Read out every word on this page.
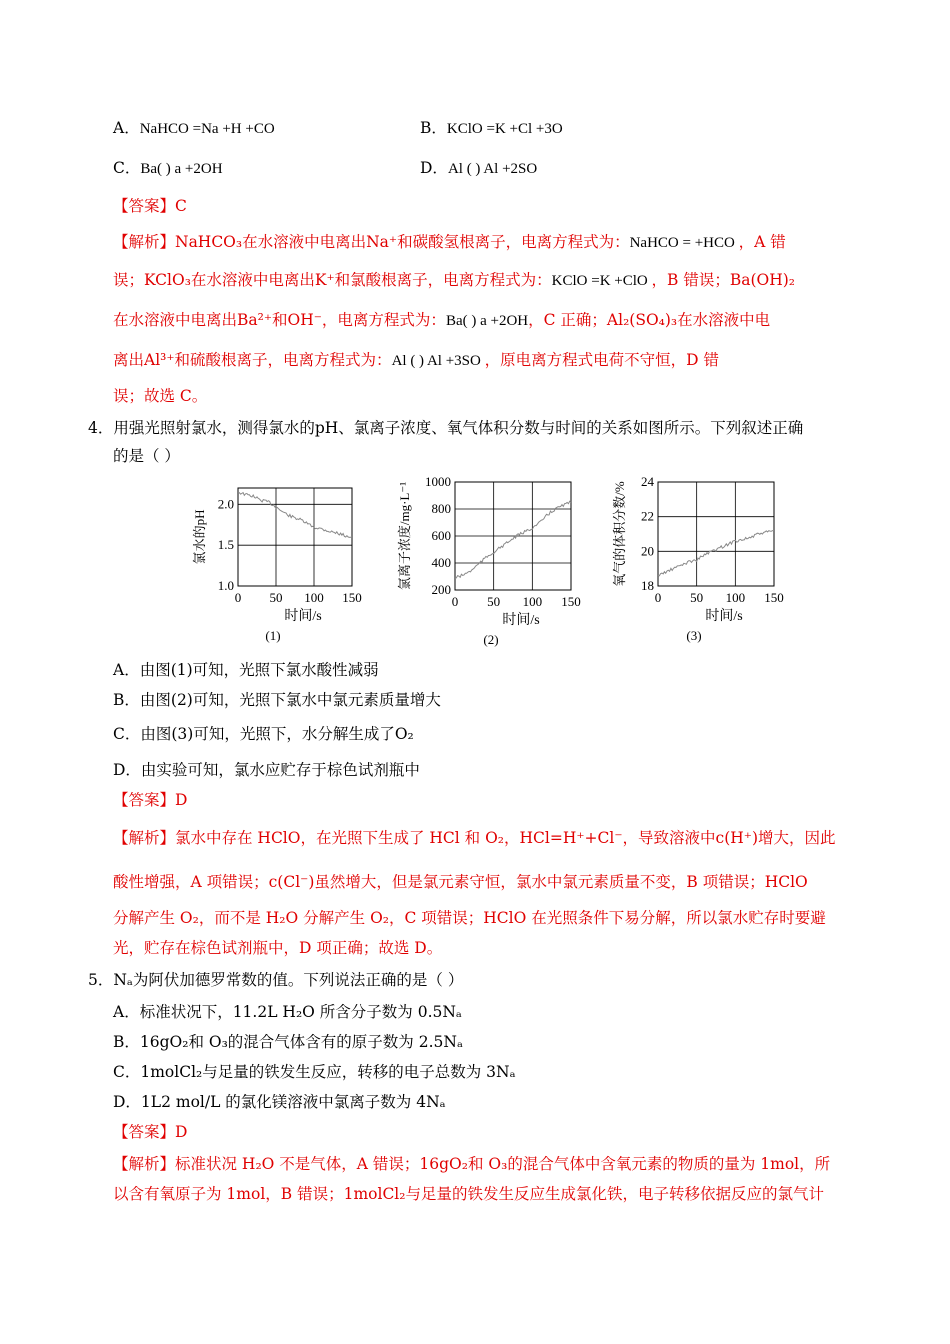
A．NaHCO =Na +H +CO	B．KClO =K +Cl +3O
C．Ba( ) a +2OH	D．Al ( ) Al +2SO
【答案】C
【解析】NaHCO₃在水溶液中电离出Na⁺和碳酸氢根离子，电离方程式为：NaHCO = +HCO ，A 错
误；KClO₃在水溶液中电离出K⁺和氯酸根离子，电离方程式为：KClO =K +ClO ，B 错误；Ba(OH)₂
在水溶液中电离出Ba²⁺和OH⁻，电离方程式为：Ba( ) a +2OH，C 正确；Al₂(SO₄)₃在水溶液中电
离出Al³⁺和硫酸根离子，电离方程式为：Al ( ) Al +3SO ，原电离方程式电荷不守恒，D 错
误；故选 C。
4．用强光照射氯水，测得氯水的pH、氯离子浓度、氧气体积分数与时间的关系如图所示。下列叙述正确
的是（ ）
0 50 100 150
1.0
1.5
2.0
时间/s
氯水的pH
(1)
0 50 100 150
200
400
600
800
1000
时间/s
氯离子浓度/mg·L⁻¹
(2)
0 50 100 150
18
20
22
24
时间/s
氧气的体积分数/%
(3)
A．由图(1)可知，光照下氯水酸性减弱
B．由图(2)可知，光照下氯水中氯元素质量增大
C．由图(3)可知，光照下，水分解生成了O₂
D．由实验可知，氯水应贮存于棕色试剂瓶中
【答案】D
【解析】氯水中存在 HClO，在光照下生成了 HCl 和 O₂，HCl=H⁺+Cl⁻，导致溶液中c(H⁺)增大，因此
酸性增强，A 项错误；c(Cl⁻)虽然增大，但是氯元素守恒，氯水中氯元素质量不变，B 项错误；HClO
分解产生 O₂，而不是 H₂O 分解产生 O₂，C 项错误；HClO 在光照条件下易分解，所以氯水贮存时要避
光，贮存在棕色试剂瓶中，D 项正确；故选 D。
5．Nₐ为阿伏加德罗常数的值。下列说法正确的是（ ）
A．标准状况下，11.2L H₂O 所含分子数为 0.5Nₐ
B．16gO₂和 O₃的混合气体含有的原子数为 2.5Nₐ
C．1molCl₂与足量的铁发生反应，转移的电子总数为 3Nₐ
D．1L2 mol/L 的氯化镁溶液中氯离子数为 4Nₐ
【答案】D
【解析】标准状况 H₂O 不是气体，A 错误；16gO₂和 O₃的混合气体中含氧元素的物质的量为 1mol，所
以含有氧原子为 1mol，B 错误；1molCl₂与足量的铁发生反应生成氯化铁，电子转移依据反应的氯气计
